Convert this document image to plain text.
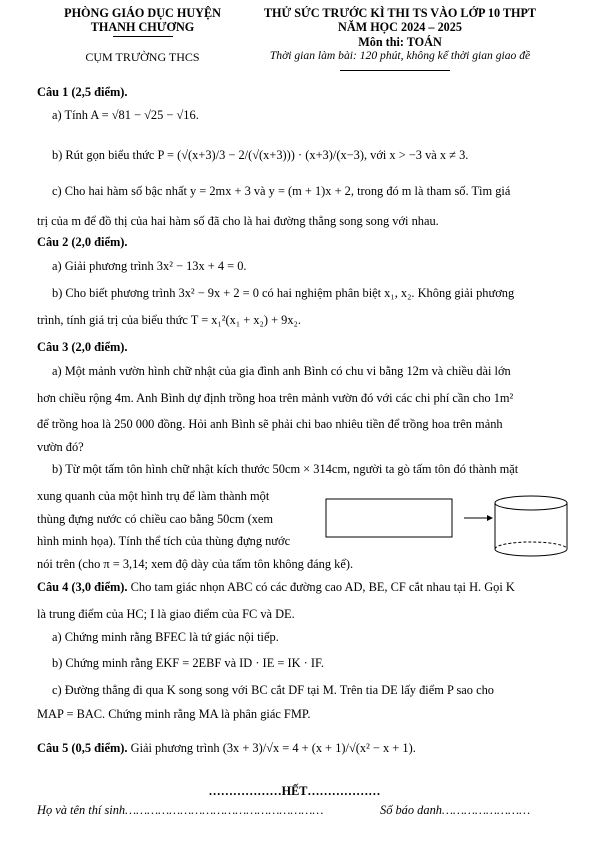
PHÒNG GIÁO DỤC HUYỆN
THANH CHƯƠNG
CỤM TRƯỜNG THCS
THỬ SỨC TRƯỚC KÌ THI TS VÀO LỚP 10 THPT
NĂM HỌC 2024 – 2025
Môn thi: TOÁN
Thời gian làm bài: 120 phút, không kể thời gian giao đề
Câu 1 (2,5 điểm).
a) Tính A = √81 − √25 − √16.
b) Rút gọn biểu thức P = (√(x+3)/3 − 2/(√(x+3))) · (x+3)/(x−3), với x > −3 và x ≠ 3.
c) Cho hai hàm số bậc nhất y = 2mx + 3 và y = (m + 1)x + 2, trong đó m là tham số. Tìm giá
trị của m để đồ thị của hai hàm số đã cho là hai đường thẳng song song với nhau.
Câu 2 (2,0 điểm).
a) Giải phương trình 3x² − 13x + 4 = 0.
b) Cho biết phương trình 3x² − 9x + 2 = 0 có hai nghiệm phân biệt x₁, x₂. Không giải phương
trình, tính giá trị của biểu thức T = x₁²(x₁ + x₂) + 9x₂.
Câu 3 (2,0 điểm).
a) Một mảnh vườn hình chữ nhật của gia đình anh Bình có chu vi bằng 12m và chiều dài lớn
hơn chiều rộng 4m. Anh Bình dự định trồng hoa trên mảnh vườn đó với các chi phí cần cho 1m²
để trồng hoa là 250 000 đồng. Hỏi anh Bình sẽ phải chi bao nhiêu tiền để trồng hoa trên mảnh
vườn đó?
b) Từ một tấm tôn hình chữ nhật kích thước 50cm × 314cm, người ta gò tấm tôn đó thành mặt
xung quanh của một hình trụ để làm thành một
thùng đựng nước có chiều cao bằng 50cm (xem
hình minh họa). Tính thể tích của thùng đựng nước
nói trên (cho π = 3,14; xem độ dày của tấm tôn không đáng kể).
Câu 4 (3,0 điểm). Cho tam giác nhọn ABC có các đường cao AD, BE, CF cắt nhau tại H. Gọi K
là trung điểm của HC; I là giao điểm của FC và DE.
a) Chứng minh rằng BFEC là tứ giác nội tiếp.
b) Chứng minh rằng EKF = 2EBF và ID · IE = IK · IF.
c) Đường thẳng đi qua K song song với BC cắt DF tại M. Trên tia DE lấy điểm P sao cho
MAP = BAC. Chứng minh rằng MA là phân giác FMP.
Câu 5 (0,5 điểm). Giải phương trình (3x + 3)/√x = 4 + (x + 1)/√(x² − x + 1).
………………HẾT………………
Họ và tên thí sinh………………………………………………	Số báo danh……………………
